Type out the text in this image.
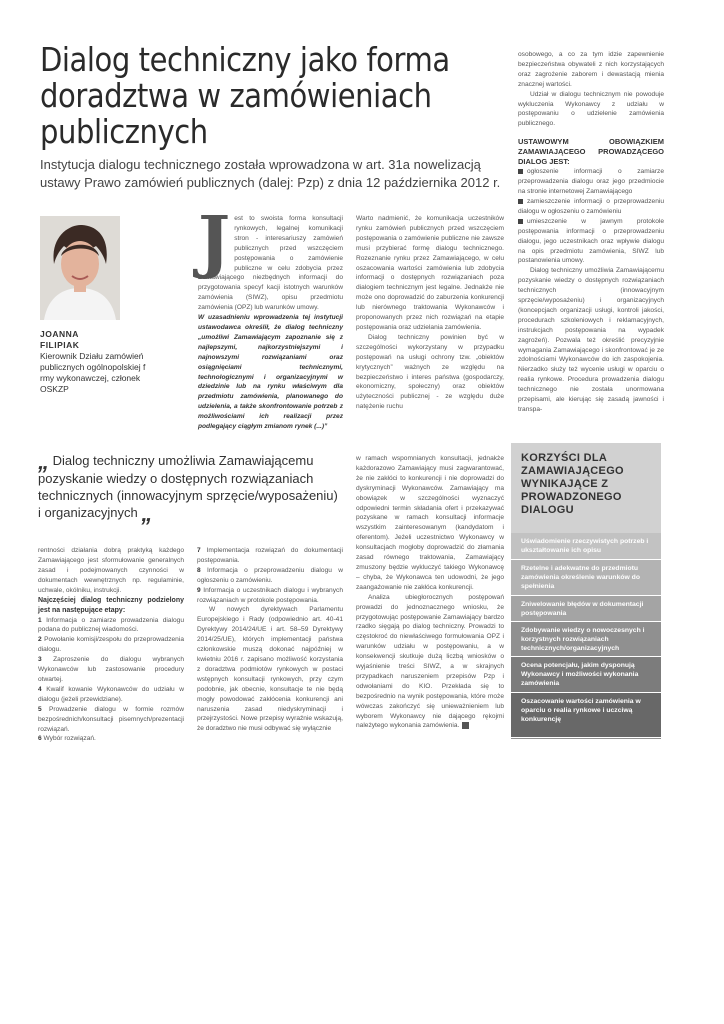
Dialog techniczny jako forma doradztwa w zamówieniach publicznych

Instytucja dialogu technicznego została wprowadzona w art. 31a nowelizacją ustawy Prawo zamówień publicznych (dalej: Pzp) z dnia 12 października 2012 r.

JOANNA
FILIPIAK
Kierownik Działu zamówień publicznych ogólnopolskiej f rmy wykonawczej, członek OSKZP
J est to swoista forma konsultacji rynkowych, legalnej komunikacji stron - interesariuszy zamówień publicznych przed wszczęciem postępowania o zamówienie publiczne w celu zdobycia przez Zamawiającego niezbędnych informacji do przygotowania specyf kacji istotnych warunków zamówienia (SIWZ), opisu przedmiotu zamówienia (OPZ) lub warunków umowy.

W uzasadnieniu wprowadzenia tej instytucji ustawodawca określił, że dialog techniczny „umożliwi Zamawiającym zapoznanie się z najlepszymi, najkorzystniejszymi i najnowszymi rozwiązaniami oraz osiągnięciami technicznymi, technologicznymi i organizacyjnymi w dziedzinie lub na rynku właściwym dla przedmiotu zamówienia, planowanego do udzielenia, a także skonfrontowanie potrzeb z możliwościami ich realizacji przez podlegający ciągłym zmianom rynek (...)”

Warto nadmienić, że komunikacja uczestników rynku zamówień publicznych przed wszczęciem postępowania o zamówienie publiczne nie zawsze musi przybierać formę dialogu technicznego. Rozeznanie rynku przez Zamawiającego, w celu oszacowania wartości zamówienia lub zdobycia informacji o dostępnych rozwiązaniach poza dialogiem technicznym jest legalne. Jednakże nie może ono doprowadzić do zaburzenia konkurencji lub nierównego traktowania Wykonawców i proponowanych przez nich rozwiązań na etapie postępowania oraz udzielania zamówienia.

Dialog techniczny powinien być w szczególności wykorzystany w przypadku postępowań na usługi ochrony tzw. „obiektów krytycznych” ważnych ze względu na bezpieczeństwo i interes państwa (gospodarczy, ekonomiczny, społeczny) oraz obiektów użyteczności publicznej - ze względu duże natężenie ruchu

osobowego, a co za tym idzie zapewnienie bezpieczeństwa obywateli z nich korzystających oraz zagrożenie zaborem i dewastacją mienia znacznej wartości.

Udział w dialogu technicznym nie powoduje wykluczenia Wykonawcy z udziału w postępowaniu o udzielenie zamówienia publicznego.

USTAWOWYM OBOWIĄZKIEM ZAMAWIAJĄCEGO PROWADZĄCEGO DIALOG JEST:

ogłoszenie informacji o zamiarze przeprowadzenia dialogu oraz jego przedmiocie na stronie internetowej Zamawiającego

zamieszczenie informacji o przeprowadzeniu dialogu w ogłoszeniu o zamówieniu

umieszczenie w jawnym protokole postępowania informacji o przeprowadzeniu dialogu, jego uczestnikach oraz wpływie dialogu na opis przedmiotu zamówienia, SIWZ lub postanowienia umowy.

Dialog techniczny umożliwia Zamawiającemu pozyskanie wiedzy o dostępnych rozwiązaniach technicznych (innowacyjnym sprzęcie/wyposażeniu) i organizacyjnych (koncepcjach organizacji usługi, kontroli jakości, procedurach szkoleniowych i reklamacyjnych, instrukcjach postępowania na wypadek zagrożeń). Pozwala też określić precyzyjnie wymagania Zamawiającego i skonfrontować je ze zdolnościami Wykonawców do ich zaspokojenia. Nierzadko służy też wycenie usługi w oparciu o realia rynkowe. Procedura prowadzenia dialogu technicznego nie została unormowana przepisami, ale kierując się zasadą jawności i transpa-

„ Dialog techniczny umożliwia Zamawiającemu pozyskanie wiedzy o dostępnych rozwiązaniach technicznych (innowacyjnym sprzęcie/wyposażeniu) i organizacyjnych „

rentności działania dobrą praktyką każdego Zamawiającego jest sformułowanie generalnych zasad i podejmowanych czynności w dokumentach wewnętrznych np. regulaminie, uchwale, okólniku, instrukcji.

Najczęściej dialog techniczny podzielony jest na następujące etapy:

1 Informacja o zamiarze prowadzenia dialogu podana do publicznej wiadomości.

2 Powołanie komisji/zespołu do przeprowadzenia dialogu.

3 Zaproszenie do dialogu wybranych Wykonawców lub zastosowanie procedury otwartej.

4 Kwalif kowanie Wykonawców do udziału w dialogu (jeżeli przewidziane).

5 Prowadzenie dialogu w formie rozmów bezpośrednich/konsultacji pisemnych/prezentacji rozwiązań.

6 Wybór rozwiązań.

7 Implementacja rozwiązań do dokumentacji postępowania.

8 Informacja o przeprowadzeniu dialogu w ogłoszeniu o zamówieniu.

9 Informacja o uczestnikach dialogu i wybranych rozwiązaniach w protokole postępowania.

W nowych dyrektywach Parlamentu Europejskiego i Rady (odpowiednio art. 40-41 Dyrektywy 2014/24/UE i art. 58–59 Dyrektywy 2014/25/UE), których implementacji państwa członkowskie muszą dokonać najpóźniej w kwietniu 2016 r. zapisano możliwość korzystania z doradztwa podmiotów rynkowych w postaci wstępnych konsultacji rynkowych, przy czym podobnie, jak obecnie, konsultacje te nie będą mogły powodować zakłócenia konkurencji ani naruszenia zasad niedyskryminacji i przejrzystości. Nowe przepisy wyraźnie wskazują, że doradztwo nie musi odbywać się wyłącznie

w ramach wspomnianych konsultacji, jednakże każdorazowo Zamawiający musi zagwarantować, że nie zakłóci to konkurencji i nie doprowadzi do dyskryminacji Wykonawców. Zamawiający ma obowiązek w szczególności wyznaczyć odpowiedni termin składania ofert i przekazywać pozyskane w ramach konsultacji informacje wszystkim zainteresowanym (kandydatom i oferentom). Jeżeli uczestnictwo Wykonawcy w konsultacjach mogłoby doprowadzić do złamania zasad równego traktowania, Zamawiający zmuszony będzie wykluczyć takiego Wykonawcę – chyba, że Wykonawca ten udowodni, że jego zaangażowanie nie zakłóca konkurencji.

Analiza ubiegłorocznych postępowań prowadzi do jednoznacznego wniosku, że przygotowując postępowanie Zamawiający bardzo rzadko sięgają po dialog techniczny. Prowadzi to częstokroć do niewłaściwego formułowania OPZ i warunków udziału w postępowaniu, a w konsekwencji skutkuje dużą liczbą wniosków o wyjaśnienie treści SIWZ, a w skrajnych przypadkach naruszeniem przepisów Pzp i odwołaniami do KIO. Przekłada się to bezpośrednio na wynik postępowania, które może wówczas zakończyć się unieważnieniem lub wyborem Wykonawcy nie dającego rękojmi należytego wykonania zamówienia.

KORZYŚCI DLA ZAMAWIAJĄCEGO WYNIKAJĄCE Z PROWADZONEGO DIALOGU
Uświadomienie rzeczywistych potrzeb i ukształtowanie ich opisu
Rzetelne i adekwatne do przedmiotu zamówienia określenie warunków do spełnienia
Zniwelowanie błędów w dokumentacji postępowania
Zdobywanie wiedzy o nowoczesnych i korzystnych rozwiązaniach technicznych/organizacyjnych
Ocena potencjału, jakim dysponują Wykonawcy i możliwości wykonania zamówienia
Oszacowanie wartości zamówienia w oparciu o realia rynkowe i uczciwą konkurencję
